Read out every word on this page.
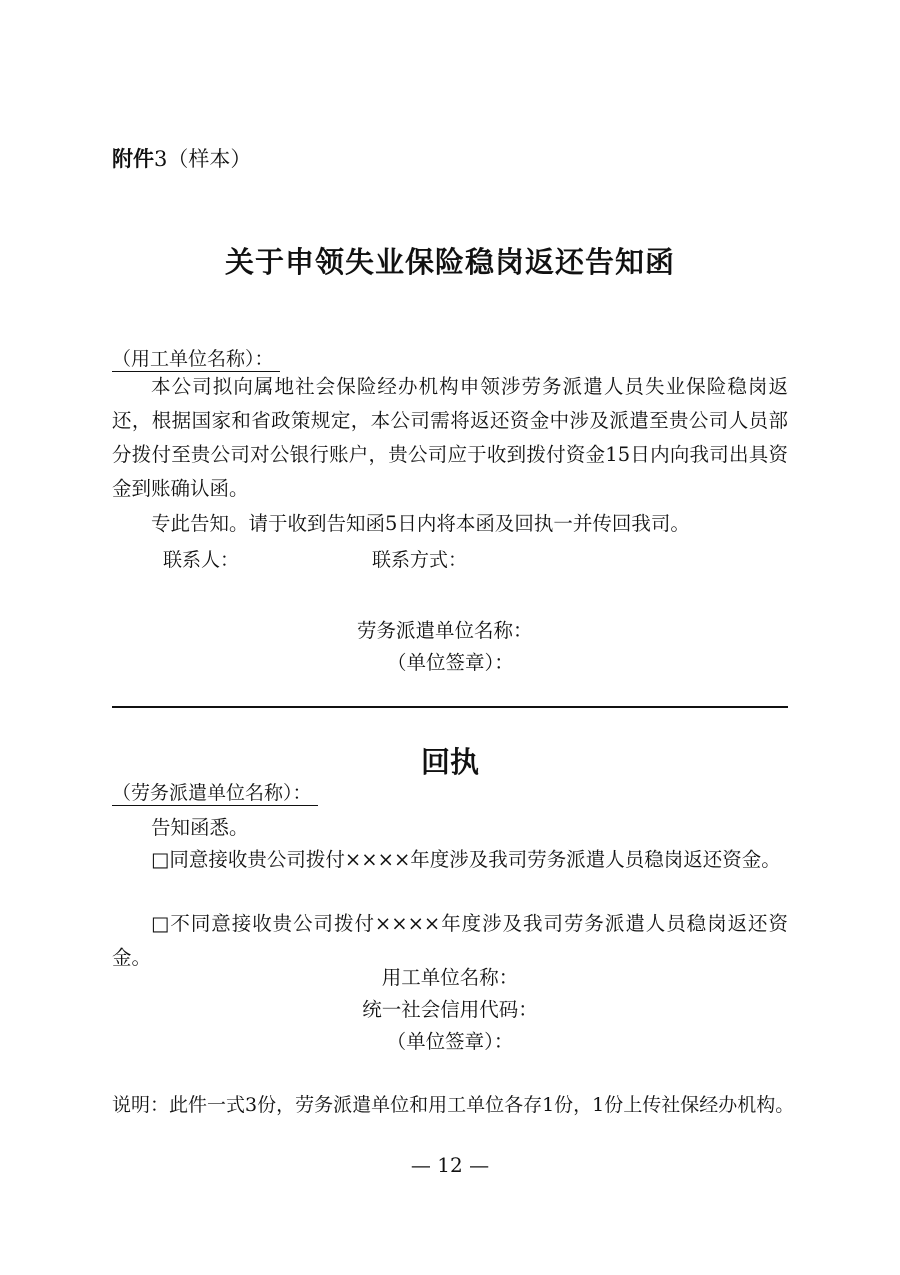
附件3（样本）
关于申领失业保险稳岗返还告知函
（用工单位名称）：
本公司拟向属地社会保险经办机构申领涉劳务派遣人员失业保险稳岗返还，根据国家和省政策规定，本公司需将返还资金中涉及派遣至贵公司人员部分拨付至贵公司对公银行账户，贵公司应于收到拨付资金15日内向我司出具资金到账确认函。
专此告知。请于收到告知函5日内将本函及回执一并传回我司。
联系人：	联系方式：
劳务派遣单位名称：
（单位签章）：
回执
（劳务派遣单位名称）：
告知函悉。
□同意接收贵公司拨付××××年度涉及我司劳务派遣人员稳岗返还资金。
□不同意接收贵公司拨付××××年度涉及我司劳务派遣人员稳岗返还资金。
用工单位名称：
统一社会信用代码：
（单位签章）：
说明：此件一式3份，劳务派遣单位和用工单位各存1份，1份上传社保经办机构。
— 12 —
